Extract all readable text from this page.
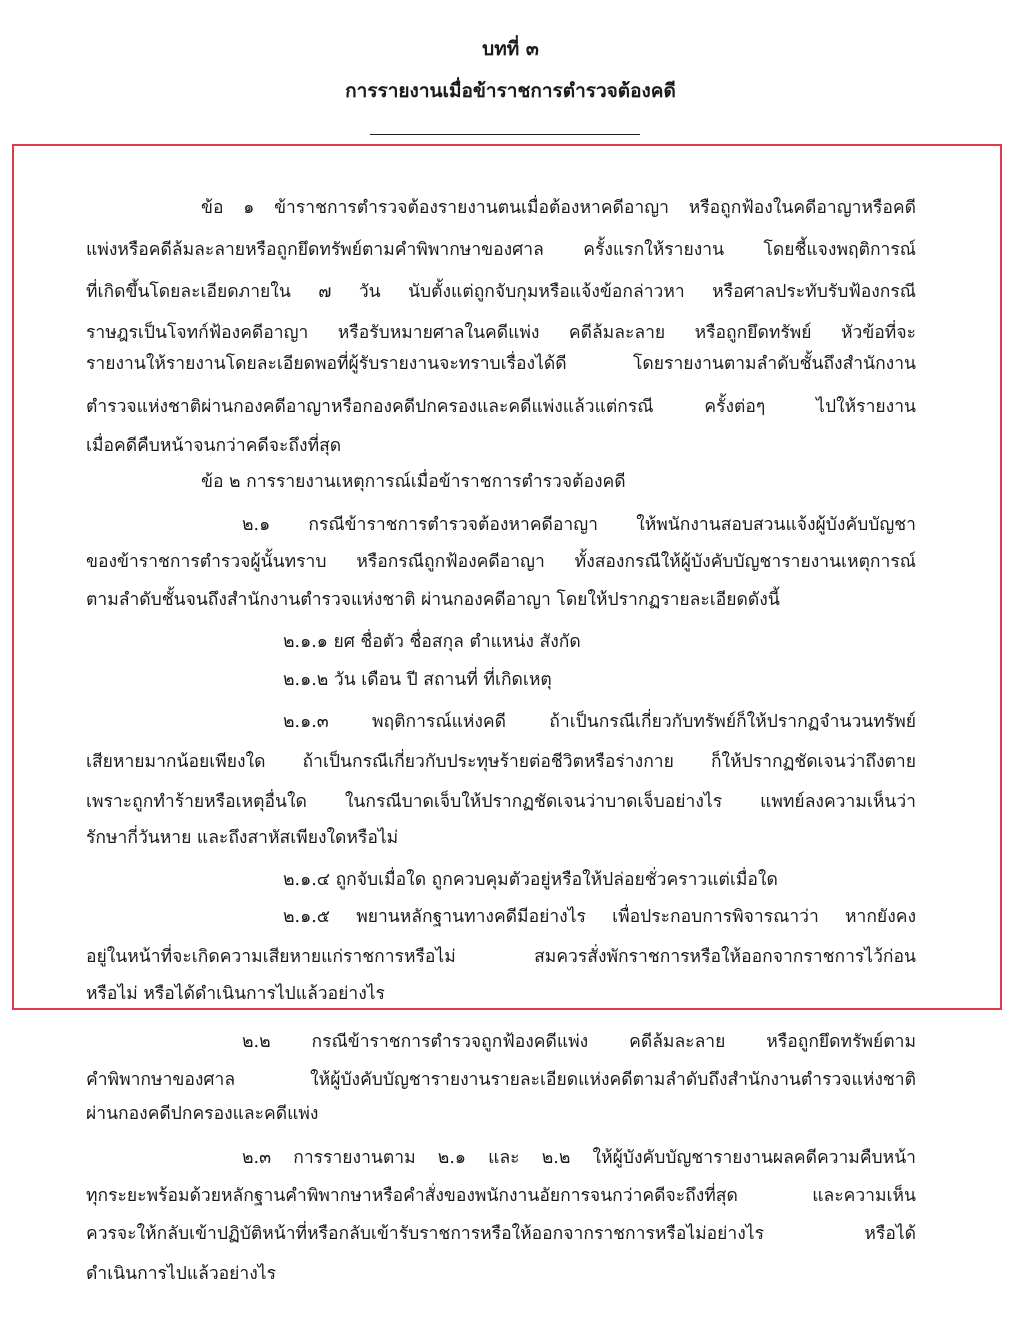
บทที่ ๓
การรายงานเมื่อข้าราชการตำรวจต้องคดี

ข้อ ๑ ข้าราชการตำรวจต้องรายงานตนเมื่อต้องหาคดีอาญา หรือถูกฟ้องในคดีอาญาหรือคดี

แพ่งหรือคดีล้มละลายหรือถูกยึดทรัพย์ตามคำพิพากษาของศาล ครั้งแรกให้รายงาน โดยชี้แจงพฤติการณ์

ที่เกิดขึ้นโดยละเอียดภายใน ๗ วัน นับตั้งแต่ถูกจับกุมหรือแจ้งข้อกล่าวหา หรือศาลประทับรับฟ้องกรณี

ราษฎรเป็นโจทก์ฟ้องคดีอาญา หรือรับหมายศาลในคดีแพ่ง คดีล้มละลาย หรือถูกยึดทรัพย์ หัวข้อที่จะ

รายงานให้รายงานโดยละเอียดพอที่ผู้รับรายงานจะทราบเรื่องได้ดี โดยรายงานตามลำดับชั้นถึงสำนักงาน

ตำรวจแห่งชาติผ่านกองคดีอาญาหรือกองคดีปกครองและคดีแพ่งแล้วแต่กรณี ครั้งต่อๆ ไปให้รายงาน

เมื่อคดีคืบหน้าจนกว่าคดีจะถึงที่สุด

ข้อ ๒ การรายงานเหตุการณ์เมื่อข้าราชการตำรวจต้องคดี

๒.๑ กรณีข้าราชการตำรวจต้องหาคดีอาญา ให้พนักงานสอบสวนแจ้งผู้บังคับบัญชา

ของข้าราชการตำรวจผู้นั้นทราบ หรือกรณีถูกฟ้องคดีอาญา ทั้งสองกรณีให้ผู้บังคับบัญชารายงานเหตุการณ์

ตามลำดับชั้นจนถึงสำนักงานตำรวจแห่งชาติ ผ่านกองคดีอาญา โดยให้ปรากฏรายละเอียดดังนี้

๒.๑.๑ ยศ ชื่อตัว ชื่อสกุล ตำแหน่ง สังกัด

๒.๑.๒ วัน เดือน ปี สถานที่ ที่เกิดเหตุ

๒.๑.๓ พฤติการณ์แห่งคดี ถ้าเป็นกรณีเกี่ยวกับทรัพย์ก็ให้ปรากฏจำนวนทรัพย์

เสียหายมากน้อยเพียงใด ถ้าเป็นกรณีเกี่ยวกับประทุษร้ายต่อชีวิตหรือร่างกาย ก็ให้ปรากฏชัดเจนว่าถึงตาย

เพราะถูกทำร้ายหรือเหตุอื่นใด ในกรณีบาดเจ็บให้ปรากฏชัดเจนว่าบาดเจ็บอย่างไร แพทย์ลงความเห็นว่า

รักษากี่วันหาย และถึงสาหัสเพียงใดหรือไม่

๒.๑.๔ ถูกจับเมื่อใด ถูกควบคุมตัวอยู่หรือให้ปล่อยชั่วคราวแต่เมื่อใด

๒.๑.๕ พยานหลักฐานทางคดีมีอย่างไร เพื่อประกอบการพิจารณาว่า หากยังคง

อยู่ในหน้าที่จะเกิดความเสียหายแก่ราชการหรือไม่ สมควรสั่งพักราชการหรือให้ออกจากราชการไว้ก่อน

หรือไม่ หรือได้ดำเนินการไปแล้วอย่างไร

๒.๒ กรณีข้าราชการตำรวจถูกฟ้องคดีแพ่ง คดีล้มละลาย หรือถูกยึดทรัพย์ตาม

คำพิพากษาของศาล ให้ผู้บังคับบัญชารายงานรายละเอียดแห่งคดีตามลำดับถึงสำนักงานตำรวจแห่งชาติ

ผ่านกองคดีปกครองและคดีแพ่ง

๒.๓ การรายงานตาม ๒.๑ และ ๒.๒ ให้ผู้บังคับบัญชารายงานผลคดีความคืบหน้า

ทุกระยะพร้อมด้วยหลักฐานคำพิพากษาหรือคำสั่งของพนักงานอัยการจนกว่าคดีจะถึงที่สุด และความเห็น

ควรจะให้กลับเข้าปฏิบัติหน้าที่หรือกลับเข้ารับราชการหรือให้ออกจากราชการหรือไม่อย่างไร หรือได้

ดำเนินการไปแล้วอย่างไร
